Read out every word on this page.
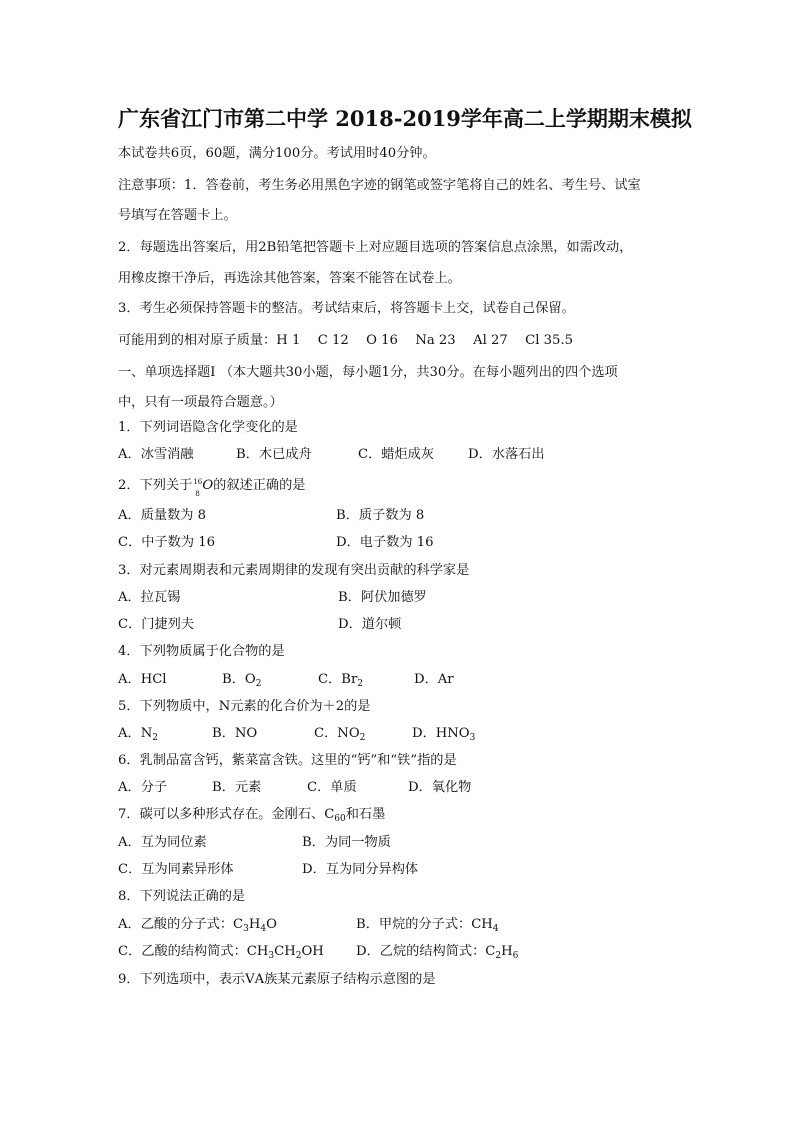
广东省江门市第二中学 2018-2019学年高二上学期期末模拟
本试卷共6页，60题，满分100分。考试用时40分钟。
注意事项：1．答卷前，考生务必用黑色字迹的钢笔或签字笔将自己的姓名、考生号、试室
号填写在答题卡上。
2．每题选出答案后，用2B铅笔把答题卡上对应题目选项的答案信息点涂黑，如需改动，
用橡皮擦干净后，再选涂其他答案，答案不能答在试卷上。
3．考生必须保持答题卡的整洁。考试结束后，将答题卡上交，试卷自己保留。
可能用到的相对原子质量：H 1　 C 12　 O 16　 Na 23　 Al 27　 Cl 35.5
一、单项选择题Ⅰ （本大题共30小题，每小题1分，共30分。在每小题列出的四个选项
中，只有一项最符合题意。）
1．下列词语隐含化学变化的是
A．冰雪消融	B．木已成舟	C．蜡炬成灰	D．水落石出
2．下列关于 16
8
O的叙述正确的是
A．质量数为 8	B．质子数为 8
C．中子数为 16	D．电子数为 16
3．对元素周期表和元素周期律的发现有突出贡献的科学家是
A．拉瓦锡	B．阿伏加德罗
C．门捷列夫	D．道尔顿
4．下列物质属于化合物的是
A．HCl	B．$O_2$	C．$Br_2$	D．Ar
5．下列物质中，N元素的化合价为＋2的是
A．$N_2$	B．NO	C．$NO_2$	D．$HNO_3$
6．乳制品富含钙，紫菜富含铁。这里的“钙”和“铁”指的是
A．分子	B．元素	C．单质	D．氧化物
7．碳可以多种形式存在。金刚石、$C_{60}$和石墨
A．互为同位素	B．为同一物质
C．互为同素异形体	D．互为同分异构体
8．下列说法正确的是
A．乙酸的分子式：$C_3H_4O$	B．甲烷的分子式：$CH_4$
C．乙酸的结构简式：$CH_3CH_2OH$ D．乙烷的结构简式：$C_2H_6$
9．下列选项中，表示ⅤA族某元素原子结构示意图的是
